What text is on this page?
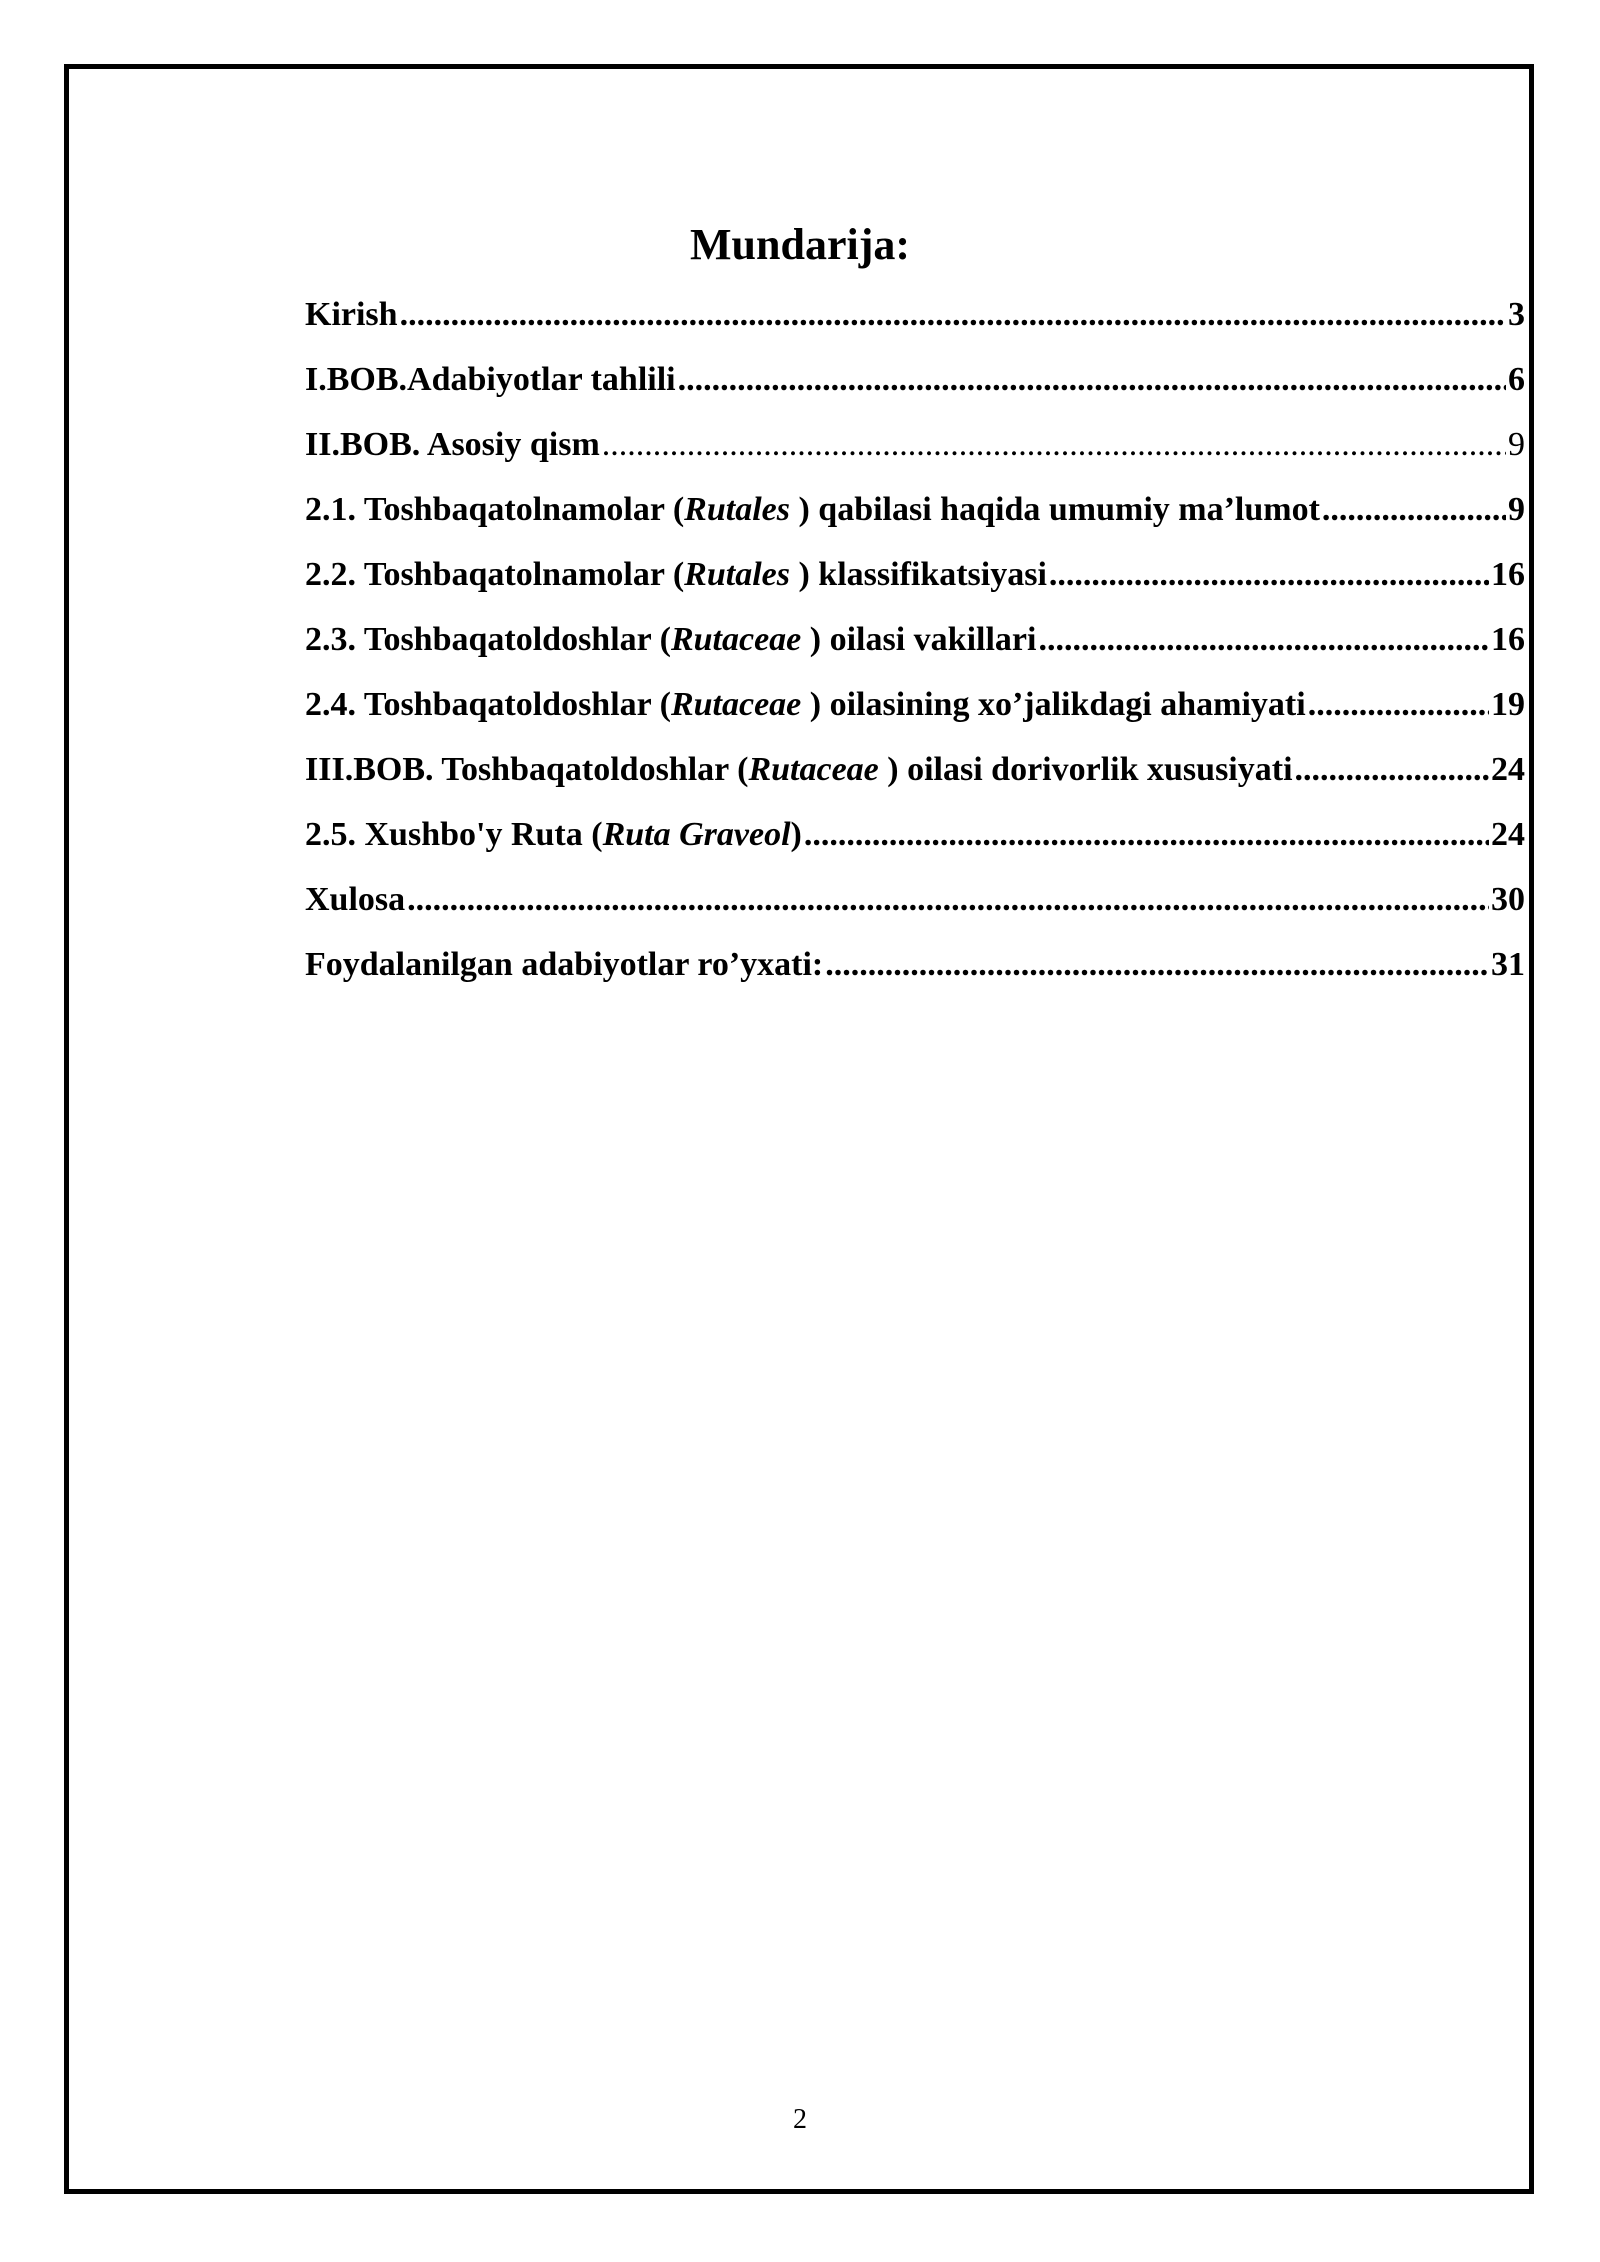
Mundarija:
Kirish .....	3
I.BOB.Adabiyotlar tahlili .....	6
II.BOB. Asosiy qism .....	9
2.1. Toshbaqatolnamolar (Rutales ) qabilasi haqida umumiy ma’lumot .....	9
2.2. Toshbaqatolnamolar (Rutales ) klassifikatsiyasi .....	16
2.3. Toshbaqatoldoshlar (Rutaceae ) oilasi vakillari .....	16
2.4. Toshbaqatoldoshlar (Rutaceae ) oilasining xo’jalikdagi ahamiyati .....	19
III.BOB. Toshbaqatoldoshlar (Rutaceae ) oilasi dorivorlik xususiyati .....	24
2.5. Xushbo'y Ruta (Ruta Graveol) .....	24
Xulosa .....	30
Foydalanilgan adabiyotlar ro’yxati: .....	31
2
